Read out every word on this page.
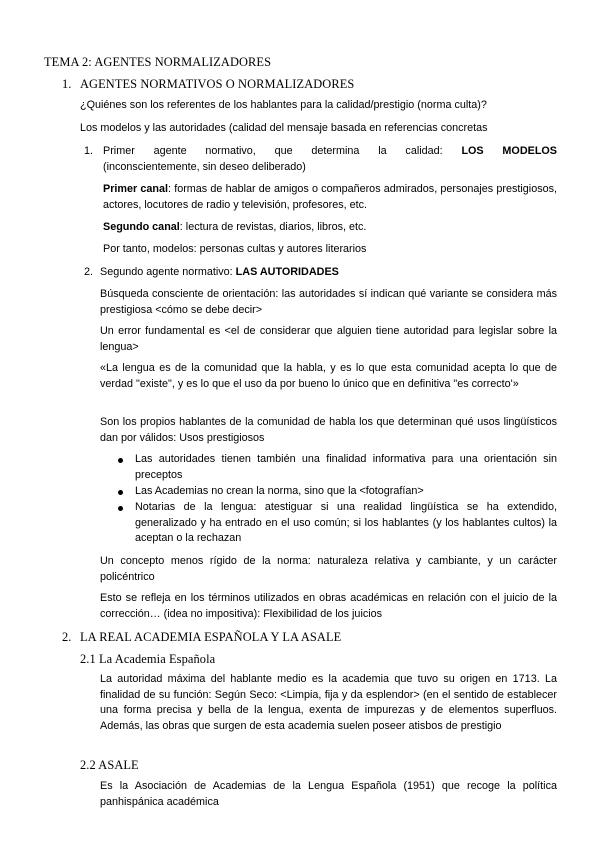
TEMA 2: AGENTES NORMALIZADORES

1. AGENTES NORMATIVOS O NORMALIZADORES

¿Quiénes son los referentes de los hablantes para la calidad/prestigio (norma culta)?

Los modelos y las autoridades (calidad del mensaje basada en referencias concretas

1. Primer agente normativo, que determina la calidad: LOS MODELOS

(inconscientemente, sin deseo deliberado)

Primer canal: formas de hablar de amigos o compañeros admirados, personajes prestigiosos, actores, locutores de radio y televisión, profesores, etc.

Segundo canal: lectura de revistas, diarios, libros, etc.

Por tanto, modelos: personas cultas y autores literarios

2. Segundo agente normativo: LAS AUTORIDADES

Búsqueda consciente de orientación: las autoridades sí indican qué variante se considera más prestigiosa <cómo se debe decir>

Un error fundamental es <el de considerar que alguien tiene autoridad para legislar sobre la lengua>

«La lengua es de la comunidad que la habla, y es lo que esta comunidad acepta lo que de verdad "existe", y es lo que el uso da por bueno lo único que en definitiva "es correcto'»

Son los propios hablantes de la comunidad de habla los que determinan qué usos lingüísticos dan por válidos: Usos prestigiosos

Las autoridades tienen también una finalidad informativa para una orientación sin preceptos

Las Academias no crean la norma, sino que la <fotografían>

Notarias de la lengua: atestiguar si una realidad lingüística se ha extendido, generalizado y ha entrado en el uso común; si los hablantes (y los hablantes cultos) la aceptan o la rechazan

Un concepto menos rígido de la norma: naturaleza relativa y cambiante, y un carácter policéntrico

Esto se refleja en los términos utilizados en obras académicas en relación con el juicio de la corrección… (idea no impositiva): Flexibilidad de los juicios

2. LA REAL ACADEMIA ESPAÑOLA Y LA ASALE

2.1 La Academia Española

La autoridad máxima del hablante medio es la academia que tuvo su origen en 1713. La finalidad de su función: Según Seco: <Limpia, fija y da esplendor> (en el sentido de establecer una forma precisa y bella de la lengua, exenta de impurezas y de elementos superfluos. Además, las obras que surgen de esta academia suelen poseer atisbos de prestigio

2.2 ASALE

Es la Asociación de Academias de la Lengua Española (1951) que recoge la política panhispánica académica
